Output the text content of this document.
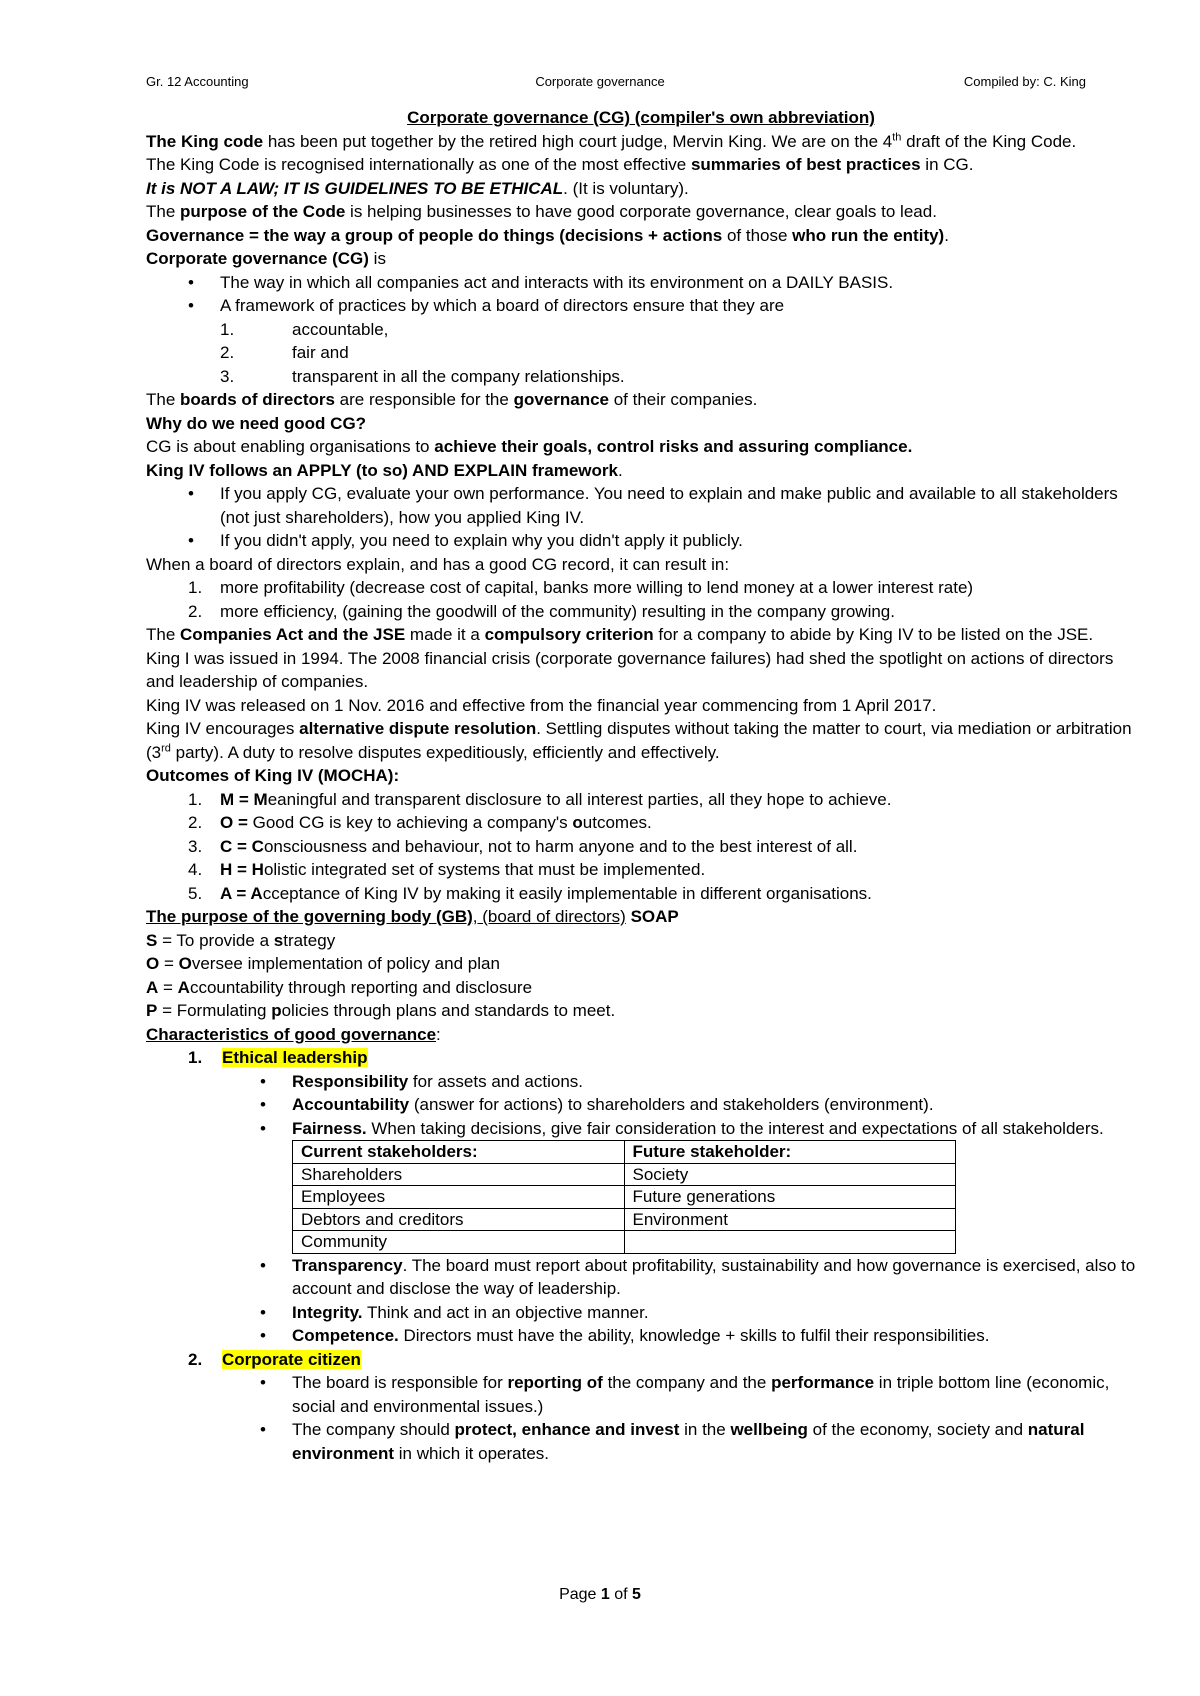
Gr. 12 Accounting	Corporate governance	Compiled by: C. King

Corporate governance (CG) (compiler's own abbreviation)

The King code has been put together by the retired high court judge, Mervin King. We are on the 4th draft of the King Code.

The King Code is recognised internationally as one of the most effective summaries of best practices in CG.

It is NOT A LAW; IT IS GUIDELINES TO BE ETHICAL. (It is voluntary).

The purpose of the Code is helping businesses to have good corporate governance, clear goals to lead.

Governance = the way a group of people do things (decisions + actions of those who run the entity).

Corporate governance (CG) is

• The way in which all companies act and interacts with its environment on a DAILY BASIS.
• A framework of practices by which a board of directors ensure that they are
1.	accountable,
2.	fair and
3.	transparent in all the company relationships.

The boards of directors are responsible for the governance of their companies.

Why do we need good CG?

CG is about enabling organisations to achieve their goals, control risks and assuring compliance.

King IV follows an APPLY (to so) AND EXPLAIN framework.

• If you apply CG, evaluate your own performance. You need to explain and make public and available to all stakeholders (not just shareholders), how you applied King IV.
• If you didn't apply, you need to explain why you didn't apply it publicly.

When a board of directors explain, and has a good CG record, it can result in:

1. more profitability (decrease cost of capital, banks more willing to lend money at a lower interest rate)
2. more efficiency, (gaining the goodwill of the community) resulting in the company growing.

The Companies Act and the JSE made it a compulsory criterion for a company to abide by King IV to be listed on the JSE.

King I was issued in 1994. The 2008 financial crisis (corporate governance failures) had shed the spotlight on actions of directors and leadership of companies.

King IV was released on 1 Nov. 2016 and effective from the financial year commencing from 1 April 2017.

King IV encourages alternative dispute resolution. Settling disputes without taking the matter to court, via mediation or arbitration (3rd party). A duty to resolve disputes expeditiously, efficiently and effectively.

Outcomes of King IV (MOCHA):

1. M = Meaningful and transparent disclosure to all interest parties, all they hope to achieve.
2. O = Good CG is key to achieving a company's outcomes.
3. C = Consciousness and behaviour, not to harm anyone and to the best interest of all.
4. H = Holistic integrated set of systems that must be implemented.
5. A = Acceptance of King IV by making it easily implementable in different organisations.

The purpose of the governing body (GB), (board of directors) SOAP

S = To provide a strategy

O = Oversee implementation of policy and plan

A = Accountability through reporting and disclosure

P = Formulating policies through plans and standards to meet.

Characteristics of good governance:

1. Ethical leadership

• Responsibility for assets and actions.
• Accountability (answer for actions) to shareholders and stakeholders (environment).
• Fairness. When taking decisions, give fair consideration to the interest and expectations of all stakeholders.
Current stakeholders:	Future stakeholder:
Shareholders	Society
Employees	Future generations
Debtors and creditors	Environment
Community	
• Transparency. The board must report about profitability, sustainability and how governance is exercised, also to account and disclose the way of leadership.
• Integrity. Think and act in an objective manner.
• Competence. Directors must have the ability, knowledge + skills to fulfil their responsibilities.

2. Corporate citizen

• The board is responsible for reporting of the company and the performance in triple bottom line (economic, social and environmental issues.)
• The company should protect, enhance and invest in the wellbeing of the economy, society and natural environment in which it operates.
Page 1 of 5
